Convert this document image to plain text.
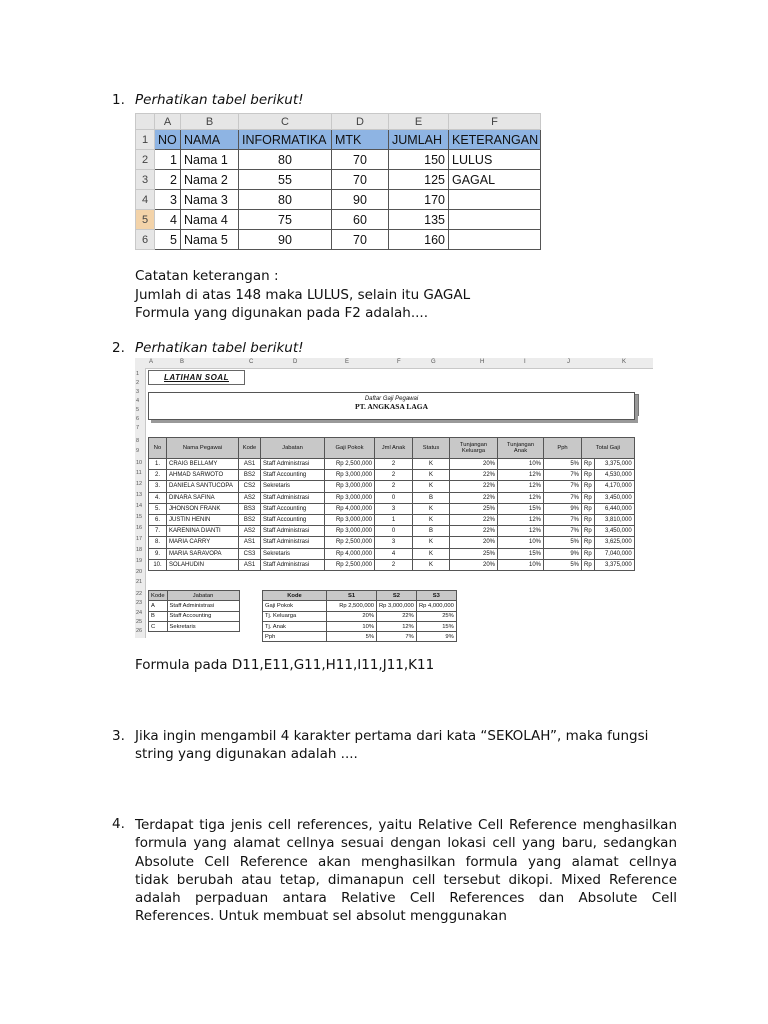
1. Perhatikan tabel berikut!
	A	B	C	D	E	F
1	NO	NAMA	INFORMATIKA	MTK	JUMLAH	KETERANGAN
2	1	Nama 1	80	70	150	LULUS
3	2	Nama 2	55	70	125	GAGAL
4	3	Nama 3	80	90	170	
5	4	Nama 4	75	60	135	
6	5	Nama 5	90	70	160	
Catatan keterangan :
Jumlah di atas 148 maka LULUS, selain itu GAGAL
Formula yang digunakan pada F2 adalah....
2. Perhatikan tabel berikut!
A	B	C	D	E	F	G	H	I	J	K
1
2
3
4
5
6
7
8
9
10
11
12
13
14
15
16
17
18
19
20
21
22
23
24
25
26
LATIHAN SOAL
Daftar Gaji Pegawai
PT. ANGKASA LAGA
No	Nama Pegawai	Kode	Jabatan	Gaji Pokok	Jml Anak	Status	Tunjangan Keluarga	Tunjangan Anak	Pph	Total Gaji	
1.	CRAIG BELLAMY	AS1	Staff Administrasi	Rp 2,500,000	2	K	20%	10%	5%	Rp	3,375,000
2.	AHMAD SARWOTO	BS2	Staff Accounting	Rp 3,000,000	2	K	22%	12%	7%	Rp	4,530,000
3.	DANIELA SANTUCOPA	CS2	Sekretaris	Rp 3,000,000	2	K	22%	12%	7%	Rp	4,170,000
4.	DINARA SAFINA	AS2	Staff Administrasi	Rp 3,000,000	0	B	22%	12%	7%	Rp	3,450,000
5.	JHONSON FRANK	BS3	Staff Accounting	Rp 4,000,000	3	K	25%	15%	9%	Rp	6,440,000
6.	JUSTIN HENIN	BS2	Staff Accounting	Rp 3,000,000	1	K	22%	12%	7%	Rp	3,810,000
7.	KARENINA DIANTI	AS2	Staff Administrasi	Rp 3,000,000	0	B	22%	12%	7%	Rp	3,450,000
8.	MARIA CARRY	AS1	Staff Administrasi	Rp 2,500,000	3	K	20%	10%	5%	Rp	3,625,000
9.	MARIA SARAVOPA	CS3	Sekretaris	Rp 4,000,000	4	K	25%	15%	9%	Rp	7,040,000
10.	SOLAHUDIN	AS1	Staff Administrasi	Rp 2,500,000	2	K	20%	10%	5%	Rp	3,375,000
Kode	Jabatan
A	Staff Administrasi
B	Staff Accounting
C	Sekretaris
Kode	S1	S2	S3
Gaji Pokok	Rp 2,500,000	Rp 3,000,000	Rp 4,000,000
Tj. Keluarga	20%	22%	25%
Tj. Anak	10%	12%	15%
Pph	5%	7%	9%
Formula pada D11,E11,G11,H11,I11,J11,K11
3. Jika ingin mengambil 4 karakter pertama dari kata “SEKOLAH”, maka fungsi
string yang digunakan adalah ....
4. Terdapat tiga jenis cell references, yaitu Relative Cell Reference menghasilkan
formula yang alamat cellnya sesuai dengan lokasi cell yang baru, sedangkan
Absolute Cell Reference akan menghasilkan formula yang alamat cellnya
tidak berubah atau tetap, dimanapun cell tersebut dikopi. Mixed Reference
adalah perpaduan antara Relative Cell References dan Absolute Cell
References. Untuk membuat sel absolut menggunakan
